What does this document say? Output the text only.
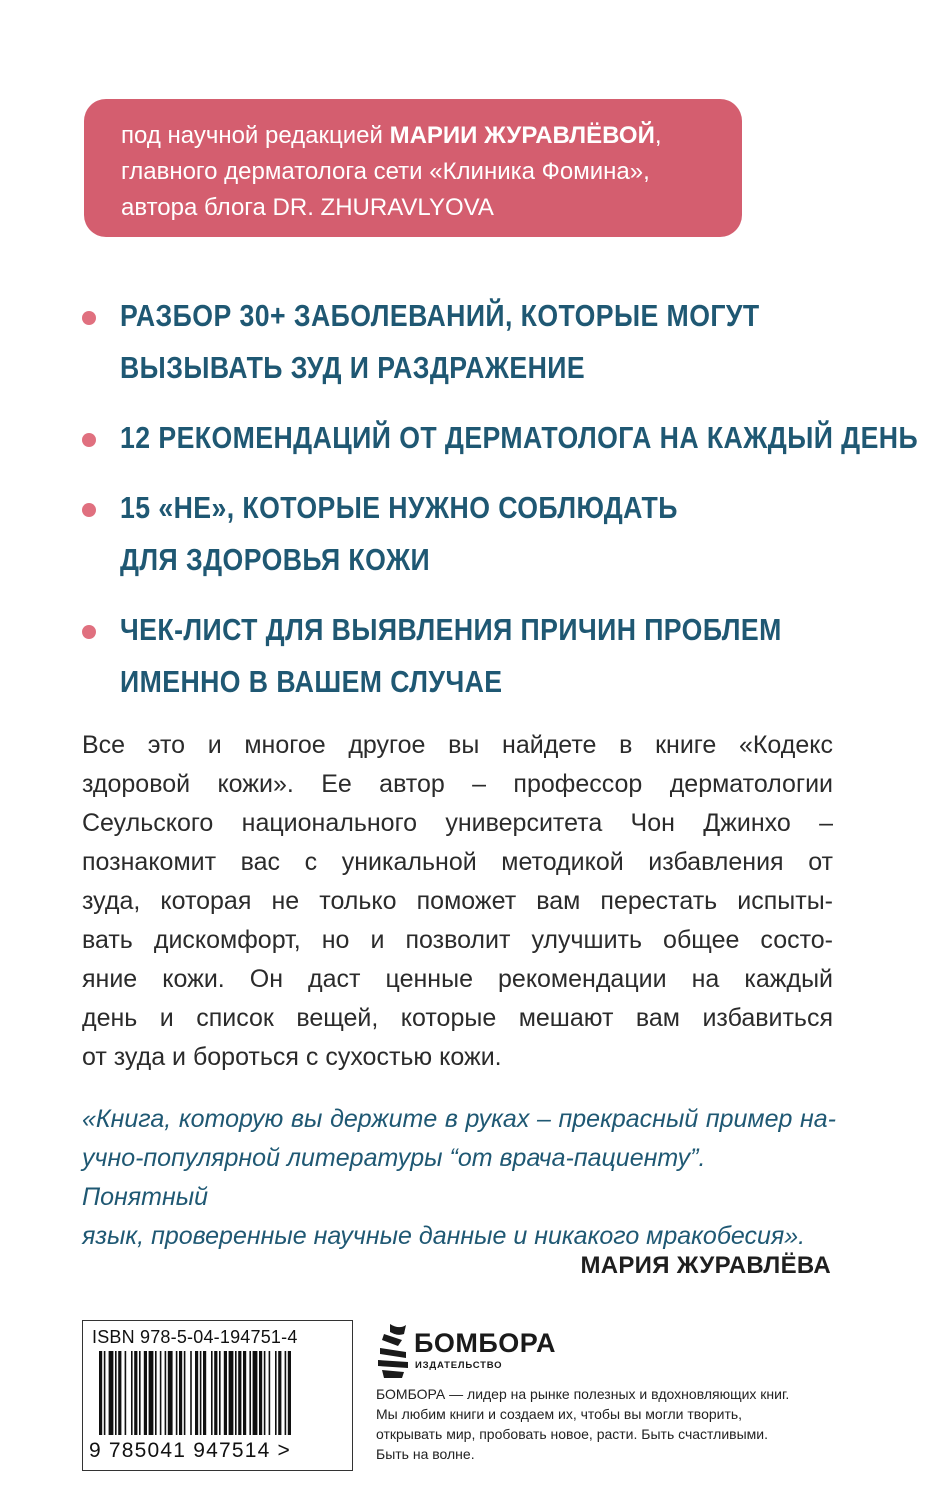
под научной редакцией МАРИИ ЖУРАВЛЁВОЙ,
главного дерматолога сети «Клиника Фомина»,
автора блога DR. ZHURAVLYOVA
РАЗБОР 30+ ЗАБОЛЕВАНИЙ, КОТОРЫЕ МОГУТ
ВЫЗЫВАТЬ ЗУД И РАЗДРАЖЕНИЕ
12 РЕКОМЕНДАЦИЙ ОТ ДЕРМАТОЛОГА НА КАЖДЫЙ ДЕНЬ
15 «НЕ», КОТОРЫЕ НУЖНО СОБЛЮДАТЬ
ДЛЯ ЗДОРОВЬЯ КОЖИ
ЧЕК-ЛИСТ ДЛЯ ВЫЯВЛЕНИЯ ПРИЧИН ПРОБЛЕМ
ИМЕННО В ВАШЕМ СЛУЧАЕ
Все это и многое другое вы найдете в книге «Кодекс
здоровой кожи». Ее автор – профессор дерматологии
Сеульского национального университета Чон Джинхо –
познакомит вас с уникальной методикой избавления от
зуда, которая не только поможет вам перестать испыты-
вать дискомфорт, но и позволит улучшить общее состо-
яние кожи. Он даст ценные рекомендации на каждый
день и список вещей, которые мешают вам избавиться
от зуда и бороться с сухостью кожи.
«Книга, которую вы держите в руках – прекрасный пример на-
учно-популярной литературы “от врача-пациенту”. Понятный
язык, проверенные научные данные и никакого мракобесия».
МАРИЯ ЖУРАВЛЁВА
ISBN 978-5-04-194751-4
9 785041 947514 >
БОМБОРА
ИЗДАТЕЛЬСТВО
БОМБОРА — лидер на рынке полезных и вдохновляющих книг. Мы любим книги и создаем их, чтобы вы могли творить, открывать мир, пробовать новое, расти. Быть счастливыми. Быть на волне.
